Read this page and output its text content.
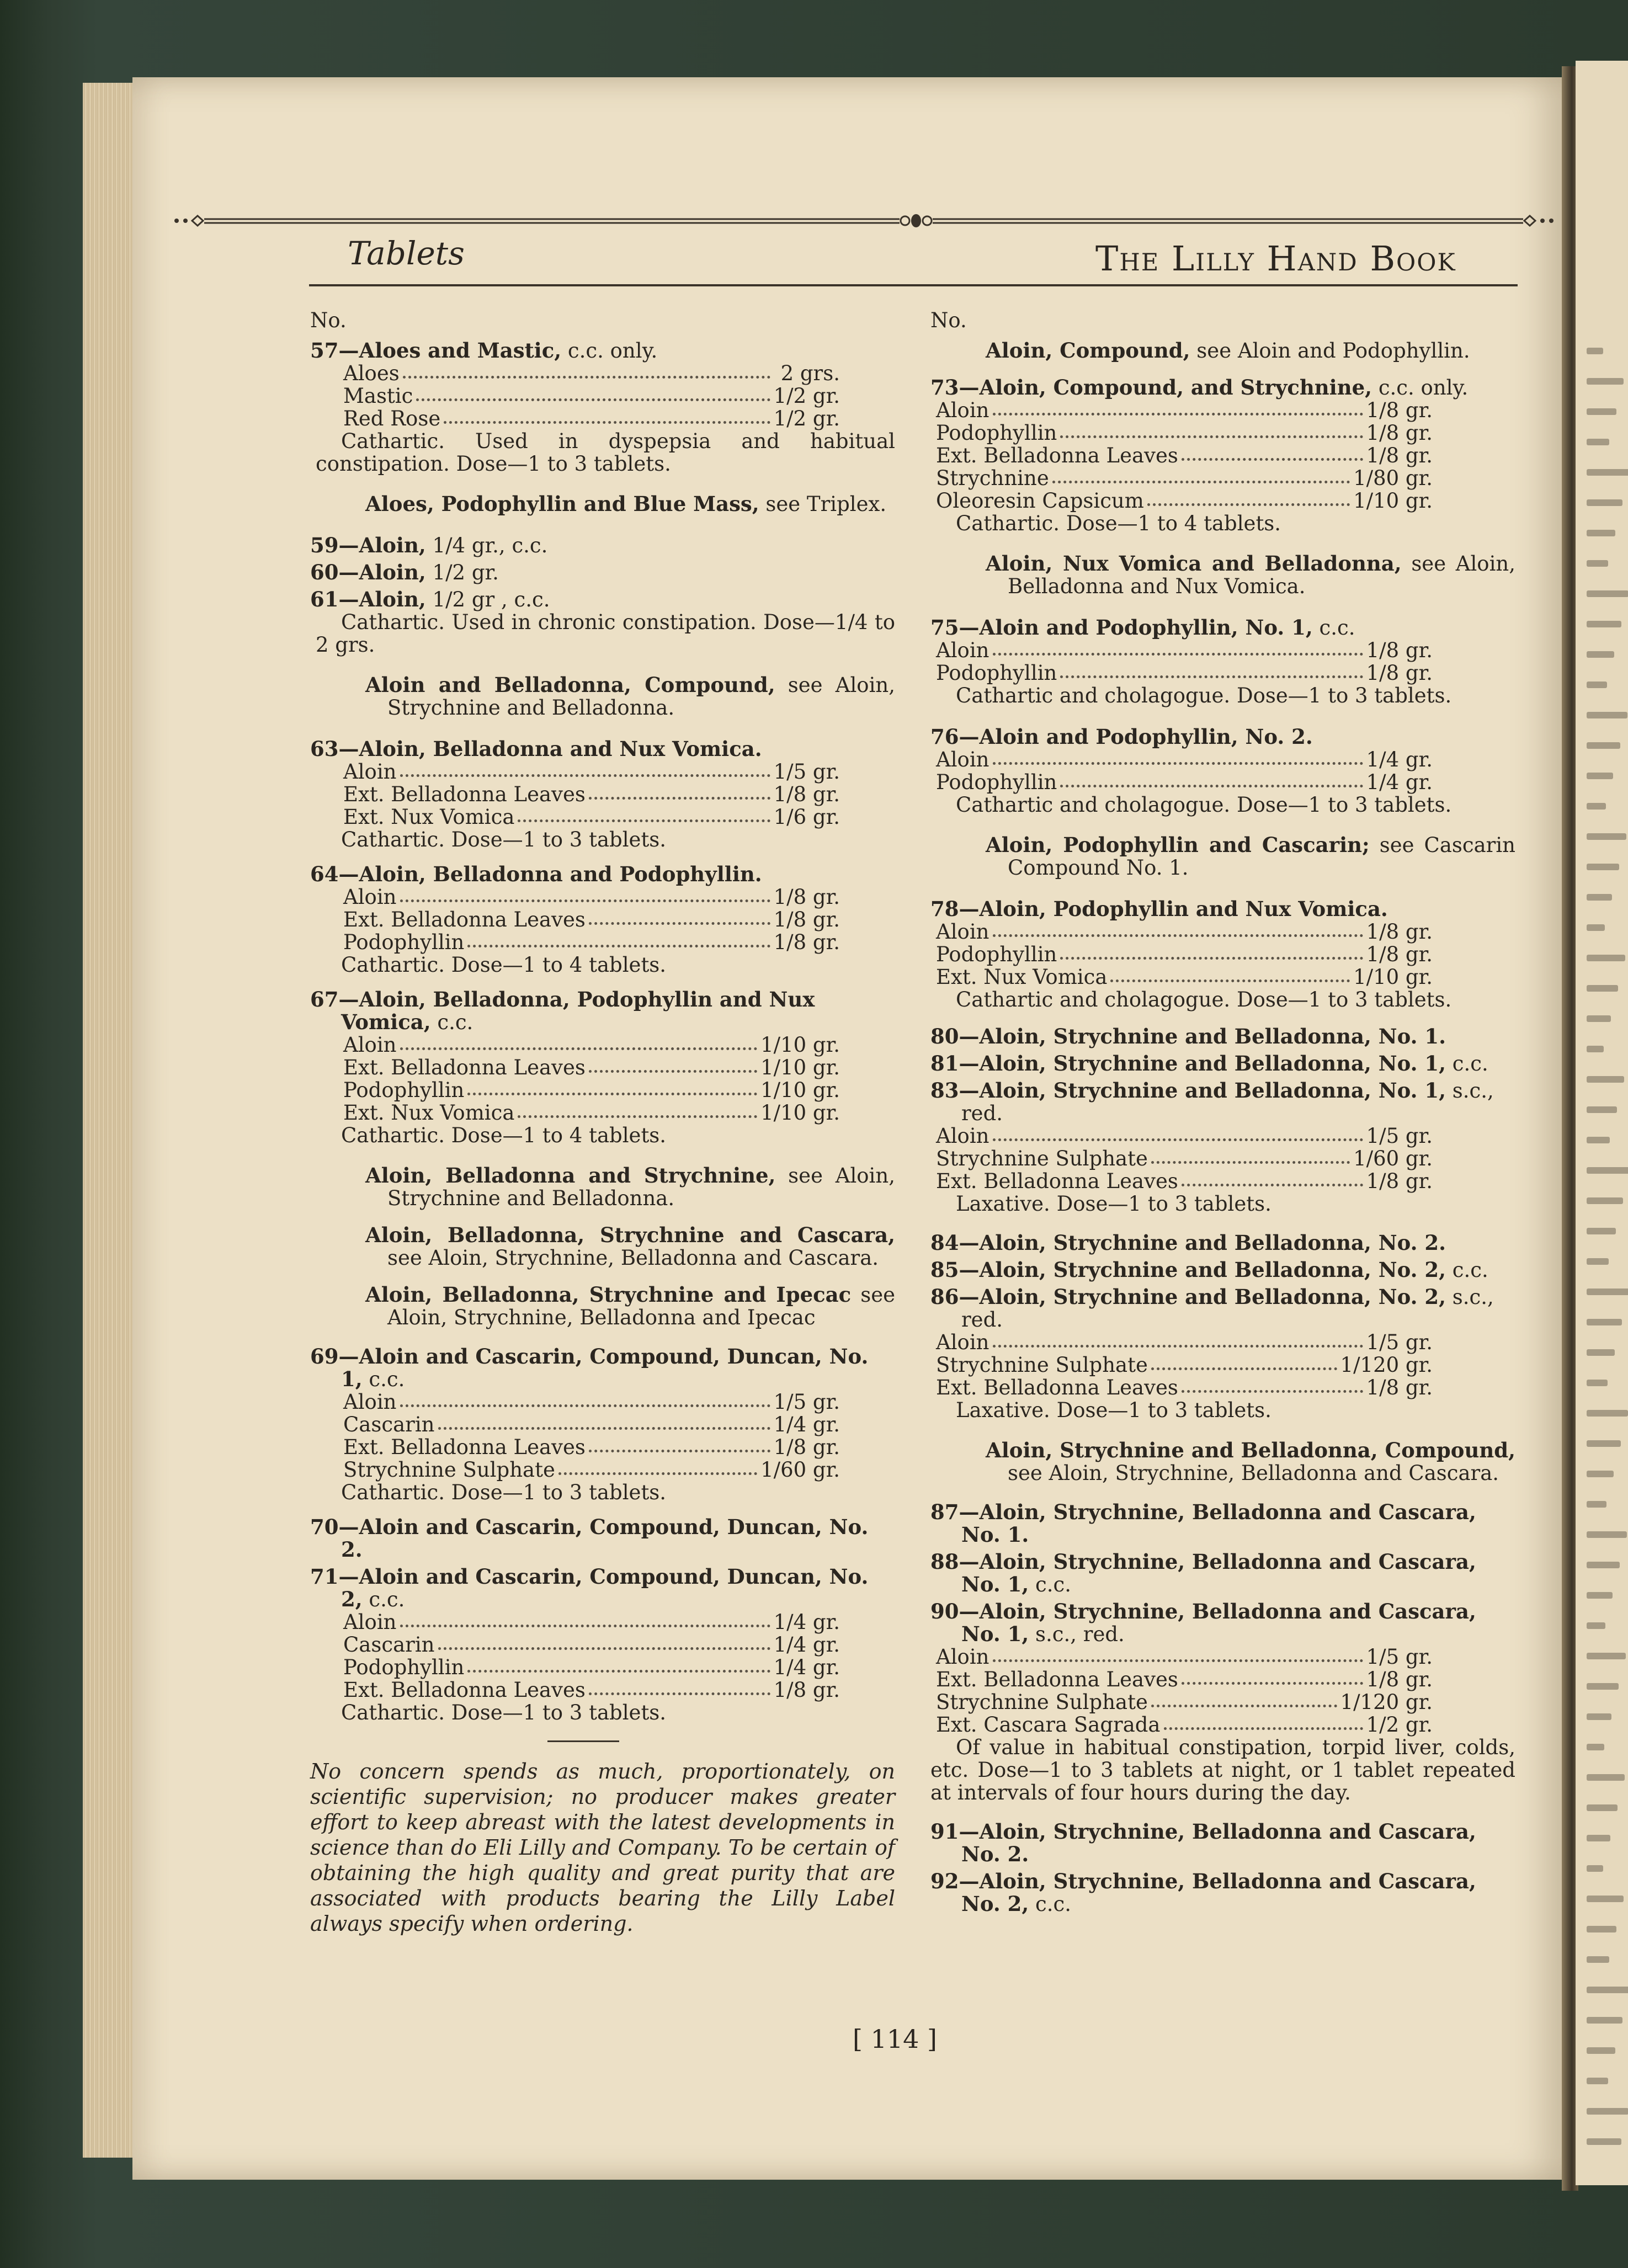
Tablets	The Lilly Hand Book
No.
57—Aloes and Mastic, c.c. only.
Aloes	2 grs.
Mastic	1/2 gr.
Red Rose	1/2 gr.
Cathartic. Used in dyspepsia and habitual constipation. Dose—1 to 3 tablets.
Aloes, Podophyllin and Blue Mass, see Triplex.
59—Aloin, 1/4 gr., c.c.
60—Aloin, 1/2 gr.
61—Aloin, 1/2 gr , c.c.
Cathartic. Used in chronic constipation. Dose—1/4 to 2 grs.
Aloin and Belladonna, Compound, see Aloin, Strychnine and Belladonna.
63—Aloin, Belladonna and Nux Vomica.
Aloin	1/5 gr.
Ext. Belladonna Leaves	1/8 gr.
Ext. Nux Vomica	1/6 gr.
Cathartic. Dose—1 to 3 tablets.
64—Aloin, Belladonna and Podophyllin.
Aloin	1/8 gr.
Ext. Belladonna Leaves	1/8 gr.
Podophyllin	1/8 gr.
Cathartic. Dose—1 to 4 tablets.
67—Aloin, Belladonna, Podophyllin and Nux Vomica, c.c.
Aloin	1/10 gr.
Ext. Belladonna Leaves	1/10 gr.
Podophyllin	1/10 gr.
Ext. Nux Vomica	1/10 gr.
Cathartic. Dose—1 to 4 tablets.
Aloin, Belladonna and Strychnine, see Aloin, Strychnine and Belladonna.
Aloin, Belladonna, Strychnine and Cascara, see Aloin, Strychnine, Belladonna and Cascara.
Aloin, Belladonna, Strychnine and Ipecac see Aloin, Strychnine, Belladonna and Ipecac
69—Aloin and Cascarin, Compound, Duncan, No. 1, c.c.
Aloin	1/5 gr.
Cascarin	1/4 gr.
Ext. Belladonna Leaves	1/8 gr.
Strychnine Sulphate	1/60 gr.
Cathartic. Dose—1 to 3 tablets.
70—Aloin and Cascarin, Compound, Duncan, No. 2.
71—Aloin and Cascarin, Compound, Duncan, No. 2, c.c.
Aloin	1/4 gr.
Cascarin	1/4 gr.
Podophyllin	1/4 gr.
Ext. Belladonna Leaves	1/8 gr.
Cathartic. Dose—1 to 3 tablets.
No concern spends as much, proportionately, on scientific supervision; no producer makes greater effort to keep abreast with the latest developments in science than do Eli Lilly and Company. To be certain of obtaining the high quality and great purity that are associated with products bearing the Lilly Label always specify when ordering.
No.
Aloin, Compound, see Aloin and Podophyllin.
73—Aloin, Compound, and Strychnine, c.c. only.
Aloin	1/8 gr.
Podophyllin	1/8 gr.
Ext. Belladonna Leaves	1/8 gr.
Strychnine	1/80 gr.
Oleoresin Capsicum	1/10 gr.
Cathartic. Dose—1 to 4 tablets.
Aloin, Nux Vomica and Belladonna, see Aloin, Belladonna and Nux Vomica.
75—Aloin and Podophyllin, No. 1, c.c.
Aloin	1/8 gr.
Podophyllin	1/8 gr.
Cathartic and cholagogue. Dose—1 to 3 tablets.
76—Aloin and Podophyllin, No. 2.
Aloin	1/4 gr.
Podophyllin	1/4 gr.
Cathartic and cholagogue. Dose—1 to 3 tablets.
Aloin, Podophyllin and Cascarin; see Cascarin Compound No. 1.
78—Aloin, Podophyllin and Nux Vomica.
Aloin	1/8 gr.
Podophyllin	1/8 gr.
Ext. Nux Vomica	1/10 gr.
Cathartic and cholagogue. Dose—1 to 3 tablets.
80—Aloin, Strychnine and Belladonna, No. 1.
81—Aloin, Strychnine and Belladonna, No. 1, c.c.
83—Aloin, Strychnine and Belladonna, No. 1, s.c., red.
Aloin	1/5 gr.
Strychnine Sulphate	1/60 gr.
Ext. Belladonna Leaves	1/8 gr.
Laxative. Dose—1 to 3 tablets.
84—Aloin, Strychnine and Belladonna, No. 2.
85—Aloin, Strychnine and Belladonna, No. 2, c.c.
86—Aloin, Strychnine and Belladonna, No. 2, s.c., red.
Aloin	1/5 gr.
Strychnine Sulphate	1/120 gr.
Ext. Belladonna Leaves	1/8 gr.
Laxative. Dose—1 to 3 tablets.
Aloin, Strychnine and Belladonna, Compound, see Aloin, Strychnine, Belladonna and Cascara.
87—Aloin, Strychnine, Belladonna and Cascara, No. 1.
88—Aloin, Strychnine, Belladonna and Cascara, No. 1, c.c.
90—Aloin, Strychnine, Belladonna and Cascara, No. 1, s.c., red.
Aloin	1/5 gr.
Ext. Belladonna Leaves	1/8 gr.
Strychnine Sulphate	1/120 gr.
Ext. Cascara Sagrada	1/2 gr.
Of value in habitual constipation, torpid liver, colds, etc. Dose—1 to 3 tablets at night, or 1 tablet repeated at intervals of four hours during the day.
91—Aloin, Strychnine, Belladonna and Cascara, No. 2.
92—Aloin, Strychnine, Belladonna and Cascara, No. 2, c.c.
[ 114 ]
